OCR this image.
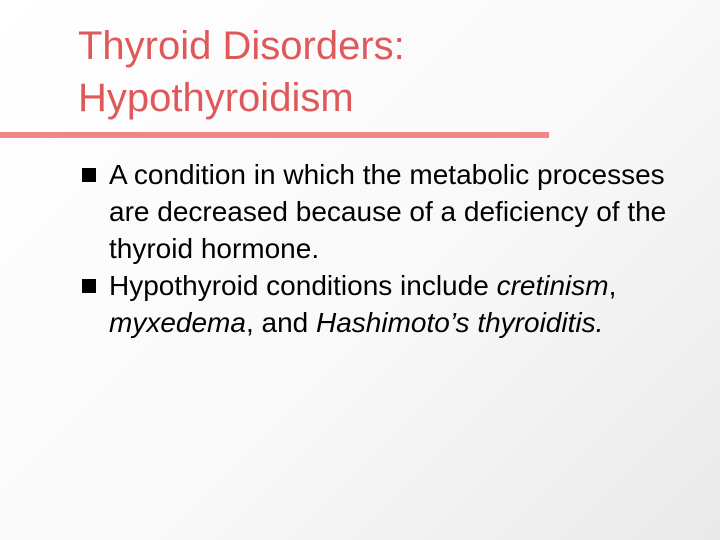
Thyroid Disorders:
Hypothyroidism
A condition in which the metabolic processes are decreased because of a deficiency of the thyroid hormone.
Hypothyroid conditions include cretinism, myxedema, and Hashimoto’s thyroiditis.
